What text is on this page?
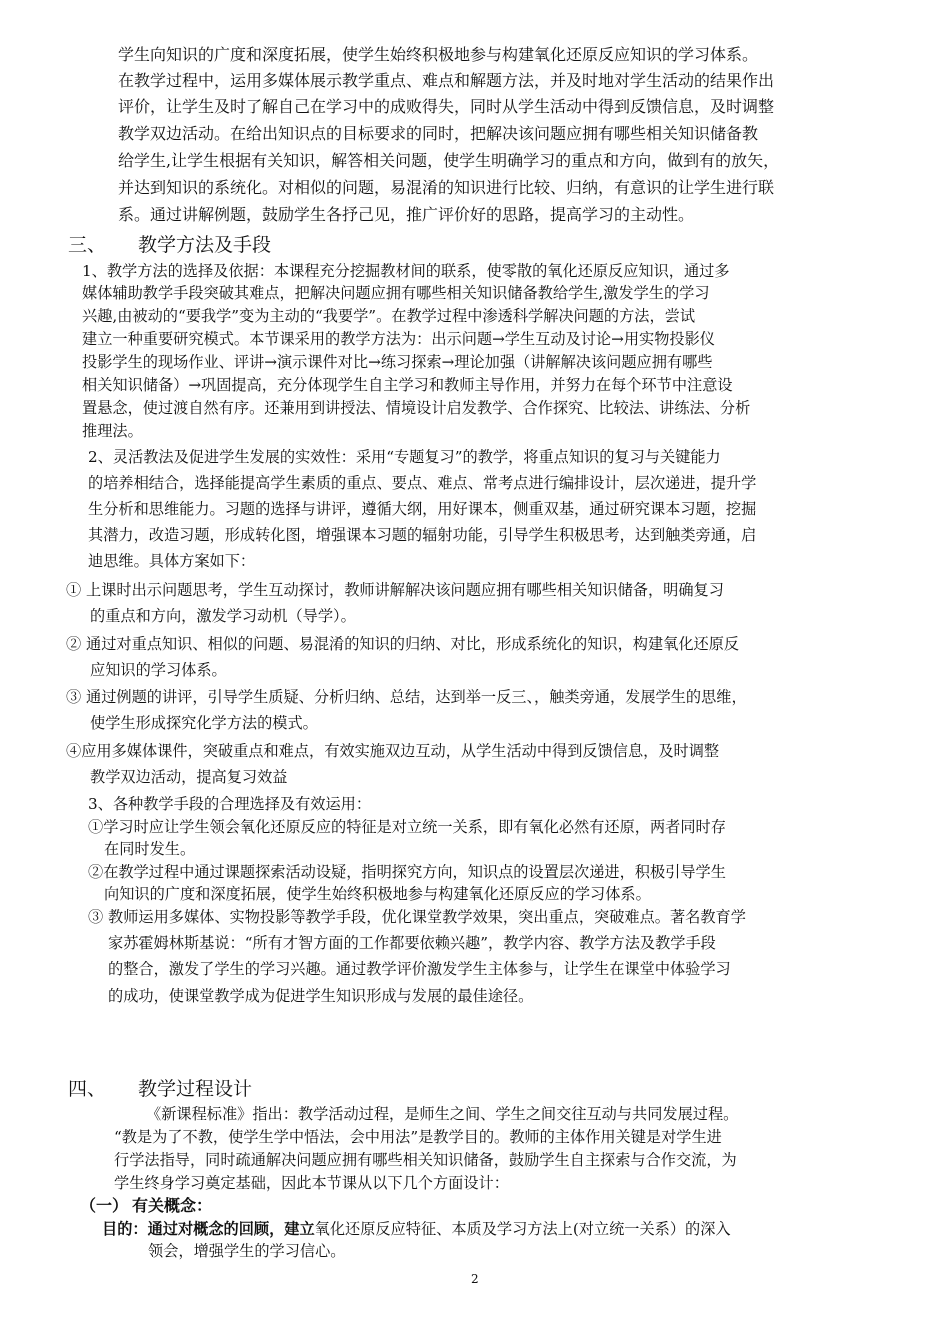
学生向知识的广度和深度拓展，使学生始终积极地参与构建氧化还原反应知识的学习体系。

在教学过程中，运用多媒体展示教学重点、难点和解题方法，并及时地对学生活动的结果作出

评价，让学生及时了解自己在学习中的成败得失，同时从学生活动中得到反馈信息，及时调整

教学双边活动。在给出知识点的目标要求的同时，把解决该问题应拥有哪些相关知识储备教

给学生,让学生根据有关知识，解答相关问题，使学生明确学习的重点和方向，做到有的放矢，

并达到知识的系统化。对相似的问题，易混淆的知识进行比较、归纳，有意识的让学生进行联

系。通过讲解例题，鼓励学生各抒己见，推广评价好的思路，提高学习的主动性。

三、 教学方法及手段

1、教学方法的选择及依据：本课程充分挖掘教材间的联系，使零散的氧化还原反应知识，通过多

媒体辅助教学手段突破其难点，把解决问题应拥有哪些相关知识储备教给学生,激发学生的学习

兴趣,由被动的“要我学”变为主动的“我要学”。在教学过程中渗透科学解决问题的方法，尝试

建立一种重要研究模式。本节课采用的教学方法为：出示问题→学生互动及讨论→用实物投影仪

投影学生的现场作业、评讲→演示课件对比→练习探索→理论加强（讲解解决该问题应拥有哪些

相关知识储备）→巩固提高，充分体现学生自主学习和教师主导作用，并努力在每个环节中注意设

置悬念，使过渡自然有序。还兼用到讲授法、情境设计启发教学、合作探究、比较法、讲练法、分析

推理法。

2、灵活教法及促进学生发展的实效性：采用“专题复习”的教学，将重点知识的复习与关键能力

的培养相结合，选择能提高学生素质的重点、要点、难点、常考点进行编排设计，层次递进，提升学

生分析和思维能力。习题的选择与讲评，遵循大纲，用好课本，侧重双基，通过研究课本习题，挖掘

其潜力，改造习题，形成转化图，增强课本习题的辐射功能，引导学生积极思考，达到触类旁通，启

迪思维。具体方案如下：

① 上课时出示问题思考，学生互动探讨，教师讲解解决该问题应拥有哪些相关知识储备，明确复习

的重点和方向，激发学习动机（导学）。

② 通过对重点知识、相似的问题、易混淆的知识的归纳、对比，形成系统化的知识，构建氧化还原反

应知识的学习体系。

③ 通过例题的讲评，引导学生质疑、分析归纳、总结，达到举一反三、，触类旁通，发展学生的思维，

使学生形成探究化学方法的模式。

④应用多媒体课件，突破重点和难点，有效实施双边互动，从学生活动中得到反馈信息，及时调整

教学双边活动，提高复习效益

3、各种教学手段的合理选择及有效运用：

①学习时应让学生领会氧化还原反应的特征是对立统一关系，即有氧化必然有还原，两者同时存

在同时发生。

②在教学过程中通过课题探索活动设疑，指明探究方向，知识点的设置层次递进，积极引导学生

向知识的广度和深度拓展，使学生始终积极地参与构建氧化还原反应的学习体系。

③ 教师运用多媒体、实物投影等教学手段，优化课堂教学效果，突出重点，突破难点。著名教育学

家苏霍姆林斯基说：“所有才智方面的工作都要依赖兴趣”，教学内容、教学方法及教学手段

的整合，激发了学生的学习兴趣。通过教学评价激发学生主体参与，让学生在课堂中体验学习

的成功，使课堂教学成为促进学生知识形成与发展的最佳途径。

四、 教学过程设计

《新课程标准》指出：教学活动过程，是师生之间、学生之间交往互动与共同发展过程。

“教是为了不教，使学生学中悟法，会中用法”是教学目的。教师的主体作用关键是对学生进

行学法指导，同时疏通解决问题应拥有哪些相关知识储备，鼓励学生自主探索与合作交流，为

学生终身学习奠定基础，因此本节课从以下几个方面设计：

（一） 有关概念：

目的：通过对概念的回顾，建立氧化还原反应特征、本质及学习方法上(对立统一关系）的深入

领会，增强学生的学习信心。

2
